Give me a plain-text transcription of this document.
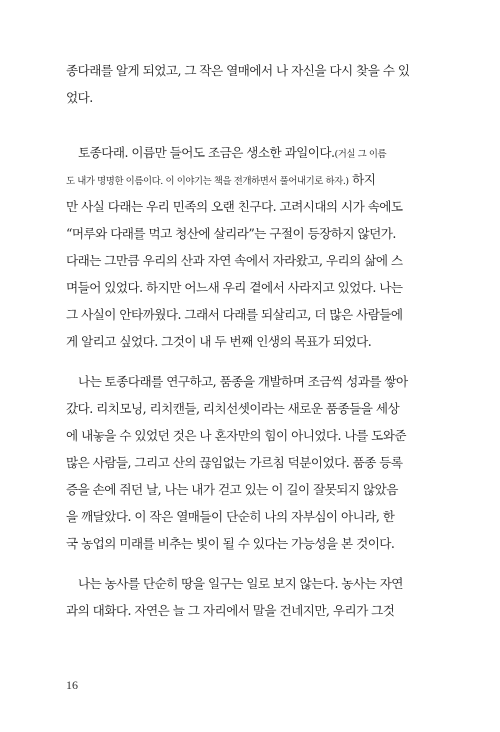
종다래를 알게 되었고, 그 작은 열매에서 나 자신을 다시 찾을 수 있
었다.
토종다래. 이름만 들어도 조금은 생소한 과일이다.(거실 그 이름
도 내가 명명한 이름이다. 이 이야기는 책을 전개하면서 풀어내기로 하자.) 하지
만 사실 다래는 우리 민족의 오랜 친구다. 고려시대의 시가 속에도
“머루와 다래를 먹고 청산에 살리라”는 구절이 등장하지 않던가.
다래는 그만큼 우리의 산과 자연 속에서 자라왔고, 우리의 삶에 스
며들어 있었다. 하지만 어느새 우리 곁에서 사라지고 있었다. 나는
그 사실이 안타까웠다. 그래서 다래를 되살리고, 더 많은 사람들에
게 알리고 싶었다. 그것이 내 두 번째 인생의 목표가 되었다.
나는 토종다래를 연구하고, 품종을 개발하며 조금씩 성과를 쌓아
갔다. 리치모닝, 리치캔들, 리치선셋이라는 새로운 품종들을 세상
에 내놓을 수 있었던 것은 나 혼자만의 힘이 아니었다. 나를 도와준
많은 사람들, 그리고 산의 끊임없는 가르침 덕분이었다. 품종 등록
증을 손에 쥐던 날, 나는 내가 걷고 있는 이 길이 잘못되지 않았음
을 깨달았다. 이 작은 열매들이 단순히 나의 자부심이 아니라, 한
국 농업의 미래를 비추는 빛이 될 수 있다는 가능성을 본 것이다.
나는 농사를 단순히 땅을 일구는 일로 보지 않는다. 농사는 자연
과의 대화다. 자연은 늘 그 자리에서 말을 건네지만, 우리가 그것
16
